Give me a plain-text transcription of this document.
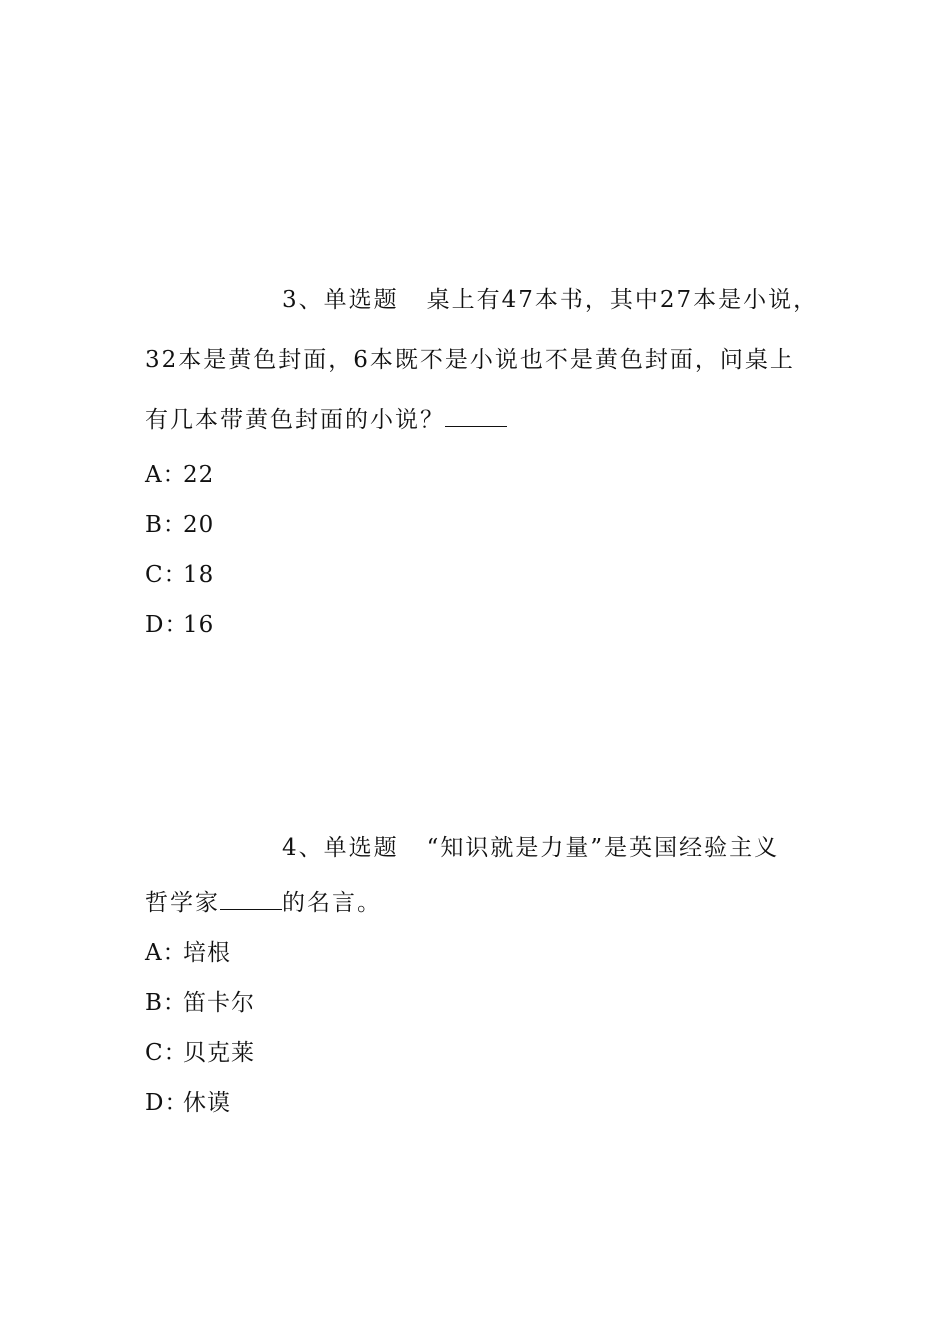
3、单选题 桌上有47本书，其中27本是小说，
32本是黄色封面，6本既不是小说也不是黄色封面，问桌上
有几本带黄色封面的小说？
A：22
B：20
C：18
D：16
4、单选题 “知识就是力量”是英国经验主义
哲学家	的名言。
A：培根
B：笛卡尔
C：贝克莱
D：休谟
